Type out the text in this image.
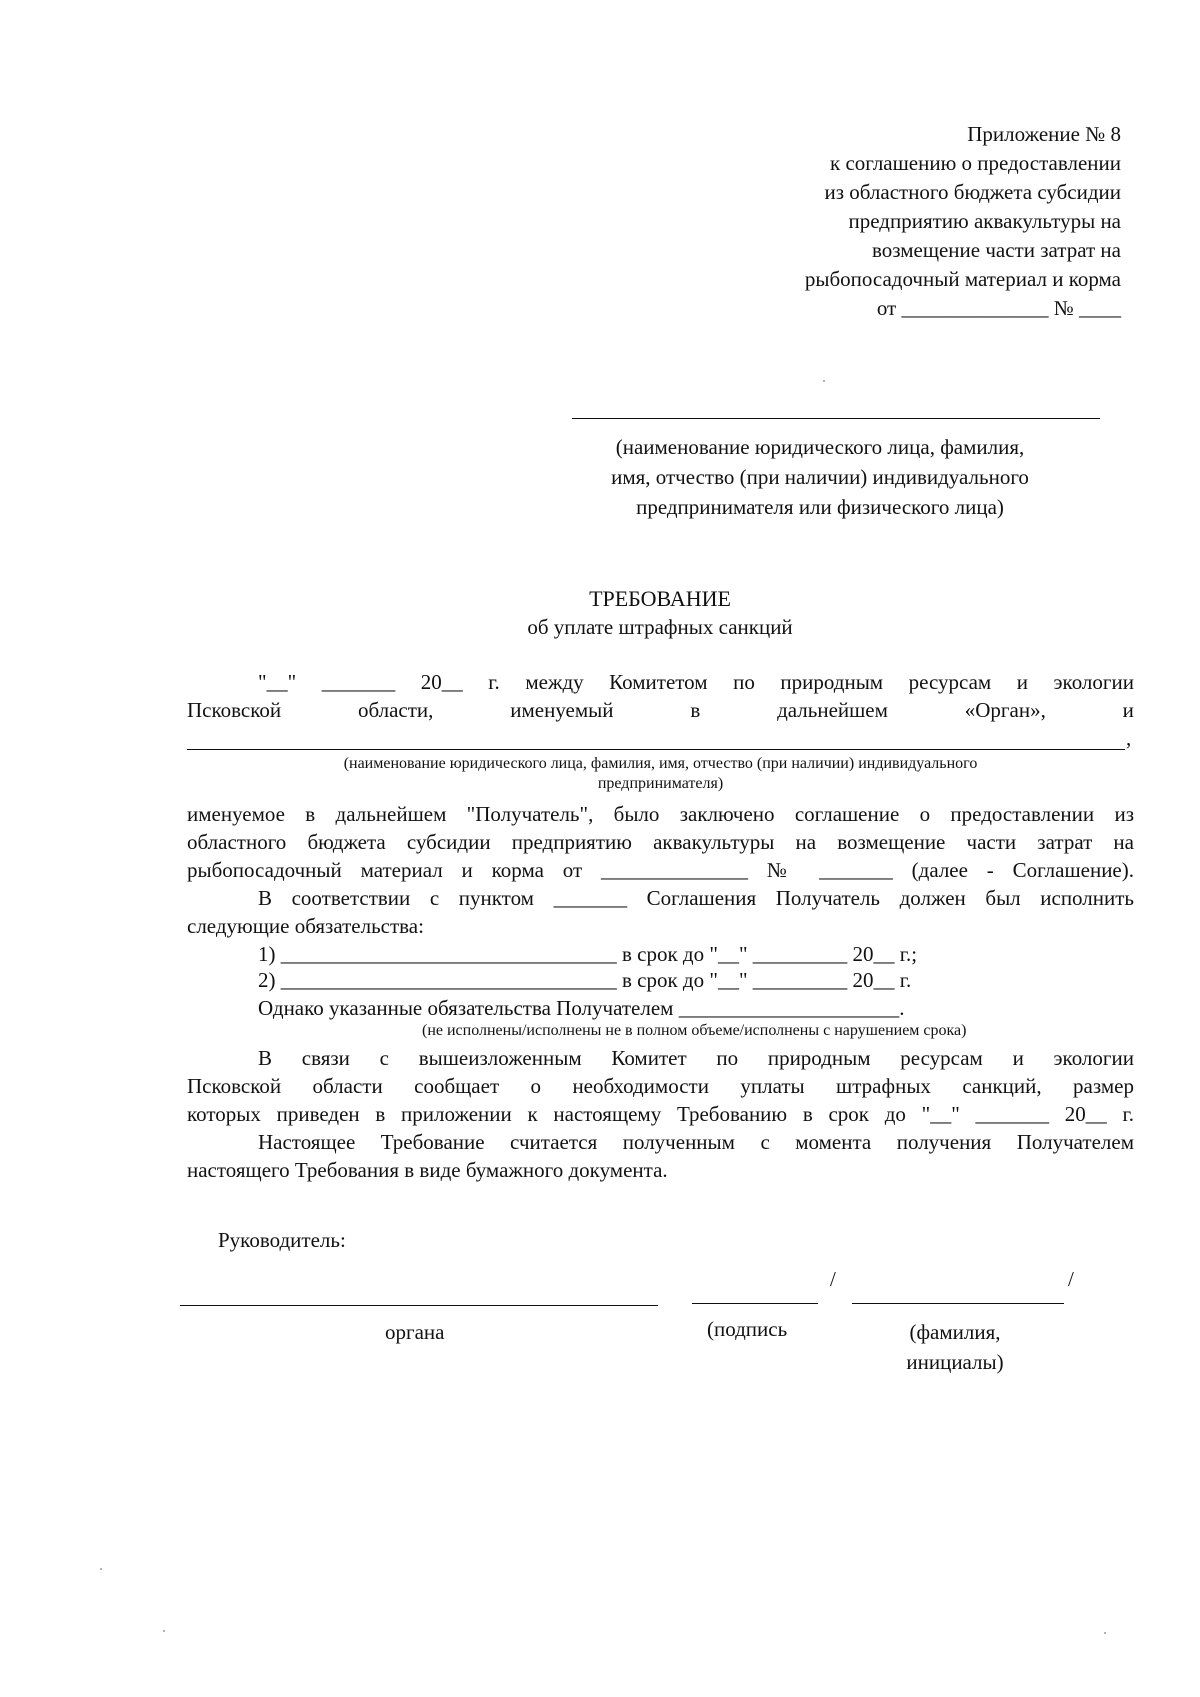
Приложение № 8
к соглашению о предоставлении
из областного бюджета субсидии
предприятию аквакультуры на
возмещение части затрат на
рыбопосадочный материал и корма
от ______________ № ____
(наименование юридического лица, фамилия,
имя, отчество (при наличии) индивидуального
предпринимателя или физического лица)
ТРЕБОВАНИЕ
об уплате штрафных санкций
"__" _______ 20__ г. между Комитетом по природным ресурсам и экологии
Псковской	области,	именуемый	в	дальнейшем	«Орган»,	и
,
(наименование юридического лица, фамилия, имя, отчество (при наличии) индивидуального
предпринимателя)
именуемое в дальнейшем "Получатель", было заключено соглашение о предоставлении из
областного бюджета субсидии предприятию аквакультуры на возмещение части затрат на
рыбопосадочный материал и корма от ______________ № _______ (далее - Соглашение).
В соответствии с пунктом _______ Соглашения Получатель должен был исполнить
следующие обязательства:
1) ________________________________ в срок до "__" _________ 20__ г.;
2) ________________________________ в срок до "__" _________ 20__ г.
Однако указанные обязательства Получателем _____________________.
(не исполнены/исполнены не в полном объеме/исполнены с нарушением срока)
В связи с вышеизложенным Комитет по природным ресурсам и экологии
Псковской области сообщает о необходимости уплаты штрафных санкций, размер
которых приведен в приложении к настоящему Требованию в срок до "__" _______ 20__ г.
Настоящее Требование считается полученным с момента получения Получателем
настоящего Требования в виде бумажного документа.
Руководитель:
/	/
органа	(подпись	(фамилия,
инициалы)
